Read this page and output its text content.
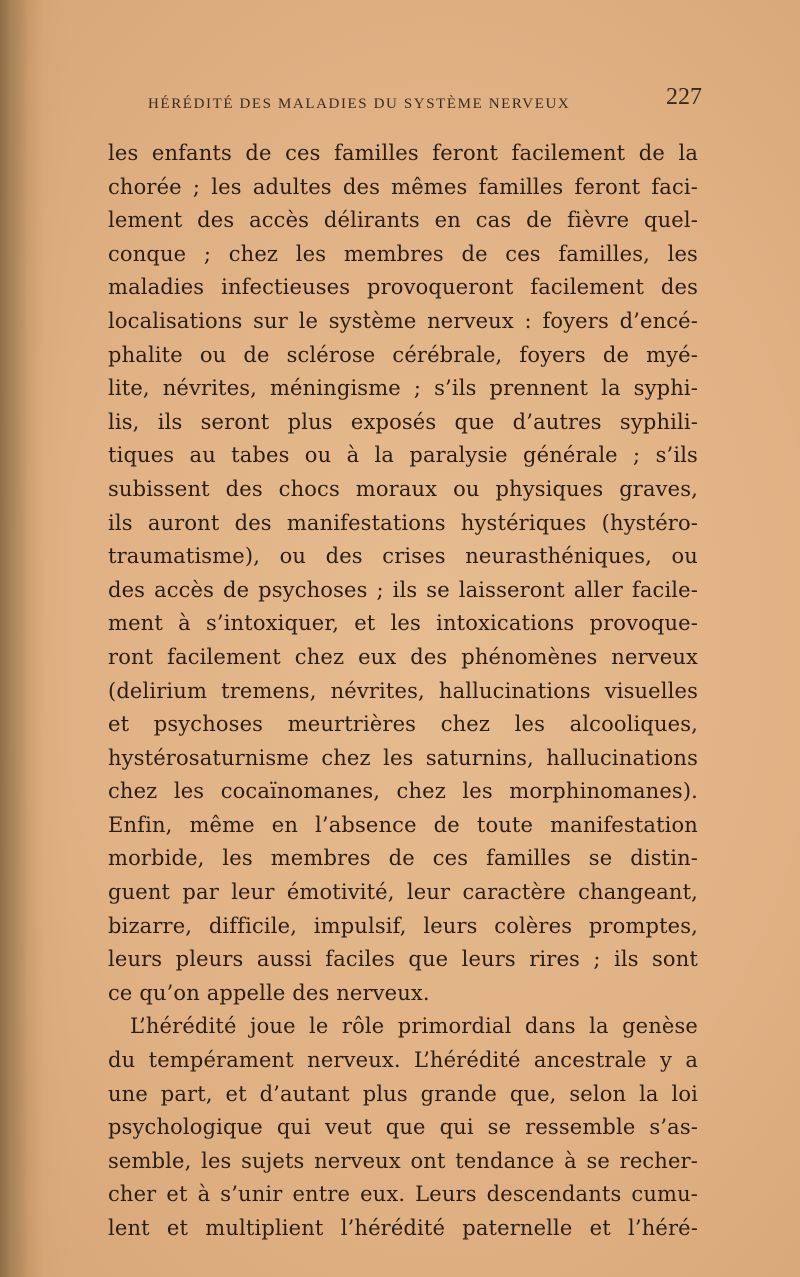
HÉRÉDITÉ DES MALADIES DU SYSTÈME NERVEUX	227
les enfants de ces familles feront facilement de la
chorée ; les adultes des mêmes familles feront faci-
lement des accès délirants en cas de fièvre quel-
conque ; chez les membres de ces familles, les
maladies infectieuses provoqueront facilement des
localisations sur le système nerveux : foyers d’encé-
phalite ou de sclérose cérébrale, foyers de myé-
lite, névrites, méningisme ; s’ils prennent la syphi-
lis, ils seront plus exposés que d’autres syphili-
tiques au tabes ou à la paralysie générale ; s’ils
subissent des chocs moraux ou physiques graves,
ils auront des manifestations hystériques (hystéro-
traumatisme), ou des crises neurasthéniques, ou
des accès de psychoses ; ils se laisseront aller facile-
ment à s’intoxiquer, et les intoxications provoque-
ront facilement chez eux des phénomènes nerveux
(delirium tremens, névrites, hallucinations visuelles
et psychoses meurtrières chez les alcooliques,
hystérosaturnisme chez les saturnins, hallucinations
chez les cocaïnomanes, chez les morphinomanes).
Enfin, même en l’absence de toute manifestation
morbide, les membres de ces familles se distin-
guent par leur émotivité, leur caractère changeant,
bizarre, difficile, impulsif, leurs colères promptes,
leurs pleurs aussi faciles que leurs rires ; ils sont
ce qu’on appelle des nerveux.
L’hérédité joue le rôle primordial dans la genèse
du tempérament nerveux. L’hérédité ancestrale y a
une part, et d’autant plus grande que, selon la loi
psychologique qui veut que qui se ressemble s’as-
semble, les sujets nerveux ont tendance à se recher-
cher et à s’unir entre eux. Leurs descendants cumu-
lent et multiplient l’hérédité paternelle et l’héré-
